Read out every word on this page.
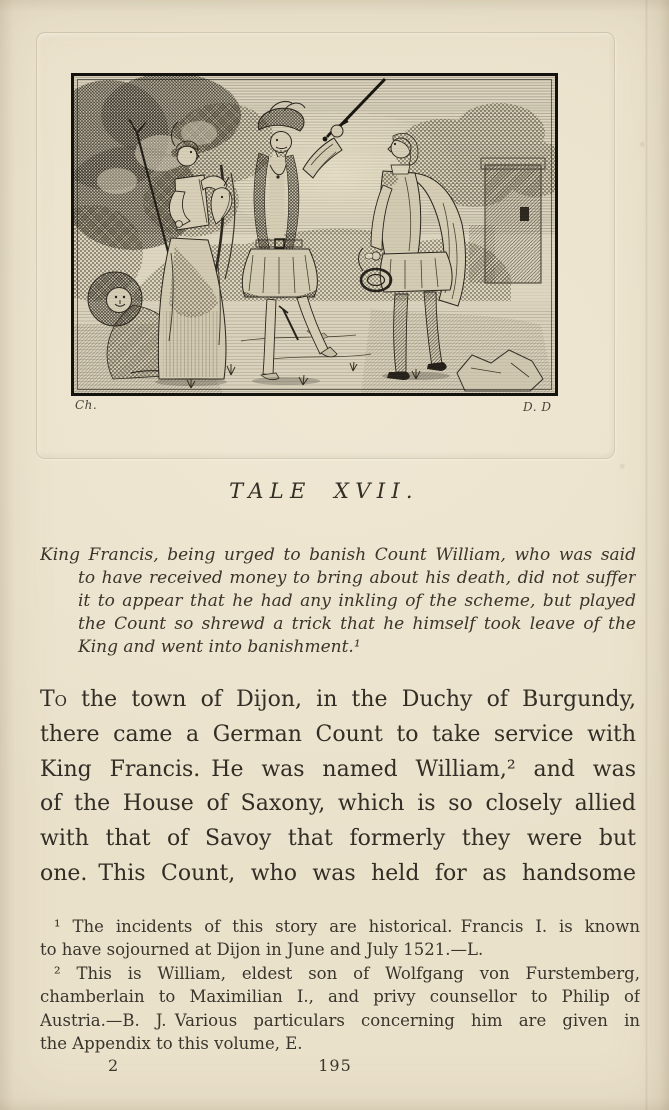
Ch.	D. D
TALE XVII.
King Francis, being urged to banish Count William, who was said
to have received money to bring about his death, did not suffer
it to appear that he had any inkling of the scheme, but played
the Count so shrewd a trick that he himself took leave of the
King and went into banishment.¹
To the town of Dijon, in the Duchy of Burgundy,
there came a German Count to take service with
King Francis. He was named William,² and was
of the House of Saxony, which is so closely allied
with that of Savoy that formerly they were but
one. This Count, who was held for as handsome
¹ The incidents of this story are historical. Francis I. is known
to have sojourned at Dijon in June and July 1521.—L.
² This is William, eldest son of Wolfgang von Furstemberg,
chamberlain to Maximilian I., and privy counsellor to Philip of
Austria.—B. J. Various particulars concerning him are given in
the Appendix to this volume, E.
2	195
